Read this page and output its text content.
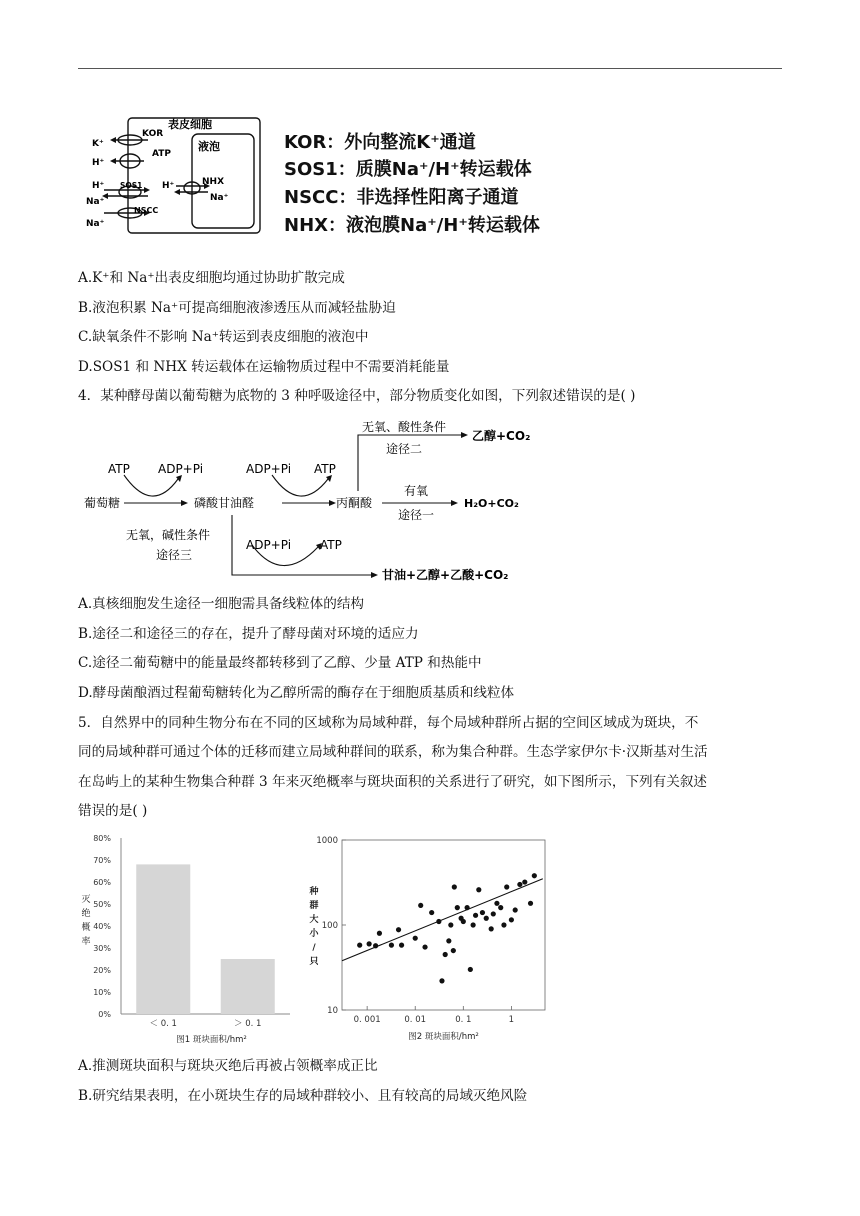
表皮细胞
液泡
K⁺
KOR
H⁺
ATP
H⁺ SOS1 H⁺
Na⁺
NSCC
Na⁺
NHX
Na⁺
KOR：外向整流K⁺通道
SOS1：质膜Na⁺/H⁺转运载体
NSCC：非选择性阳离子通道
NHX：液泡膜Na⁺/H⁺转运载体
A.K⁺和 Na⁺出表皮细胞均通过协助扩散完成
B.液泡积累 Na⁺可提高细胞液渗透压从而减轻盐胁迫
C.缺氧条件不影响 Na⁺转运到表皮细胞的液泡中
D.SOS1 和 NHX 转运载体在运输物质过程中不需要消耗能量
4．某种酵母菌以葡萄糖为底物的 3 种呼吸途径中，部分物质变化如图，下列叙述错误的是( )
葡萄糖	磷酸甘油醛	丙酮酸
ATP ADP+Pi	ADP+Pi ATP
无氧、酸性条件
途径二
乙醇+CO₂
有氧
途径一
H₂O+CO₂
无氧，碱性条件
途径三
ADP+Pi ATP
甘油+乙醇+乙酸+CO₂
A.真核细胞发生途径一细胞需具备线粒体的结构
B.途径二和途径三的存在，提升了酵母菌对环境的适应力
C.途径二葡萄糖中的能量最终都转移到了乙醇、少量 ATP 和热能中
D.酵母菌酿酒过程葡萄糖转化为乙醇所需的酶存在于细胞质基质和线粒体
5．自然界中的同种生物分布在不同的区域称为局域种群，每个局域种群所占据的空间区域成为斑块，不
同的局域种群可通过个体的迁移而建立局域种群间的联系，称为集合种群。生态学家伊尔卡·汉斯基对生活
在岛屿上的某种生物集合种群 3 年来灭绝概率与斑块面积的关系进行了研究，如下图所示，下列有关叙述
错误的是( )
0%
10%
20%
30%
40%
50%
60%
70%
80%
＜ 0. 1	＞ 0. 1
灭
绝
概
率
图1 斑块面积/hm²
0. 001	0. 01	0. 1	1
10
100
1000
种
群
大
小
/
只
图2 斑块面积/hm²
A.推测斑块面积与斑块灭绝后再被占领概率成正比
B.研究结果表明，在小斑块生存的局域种群较小、且有较高的局域灭绝风险
